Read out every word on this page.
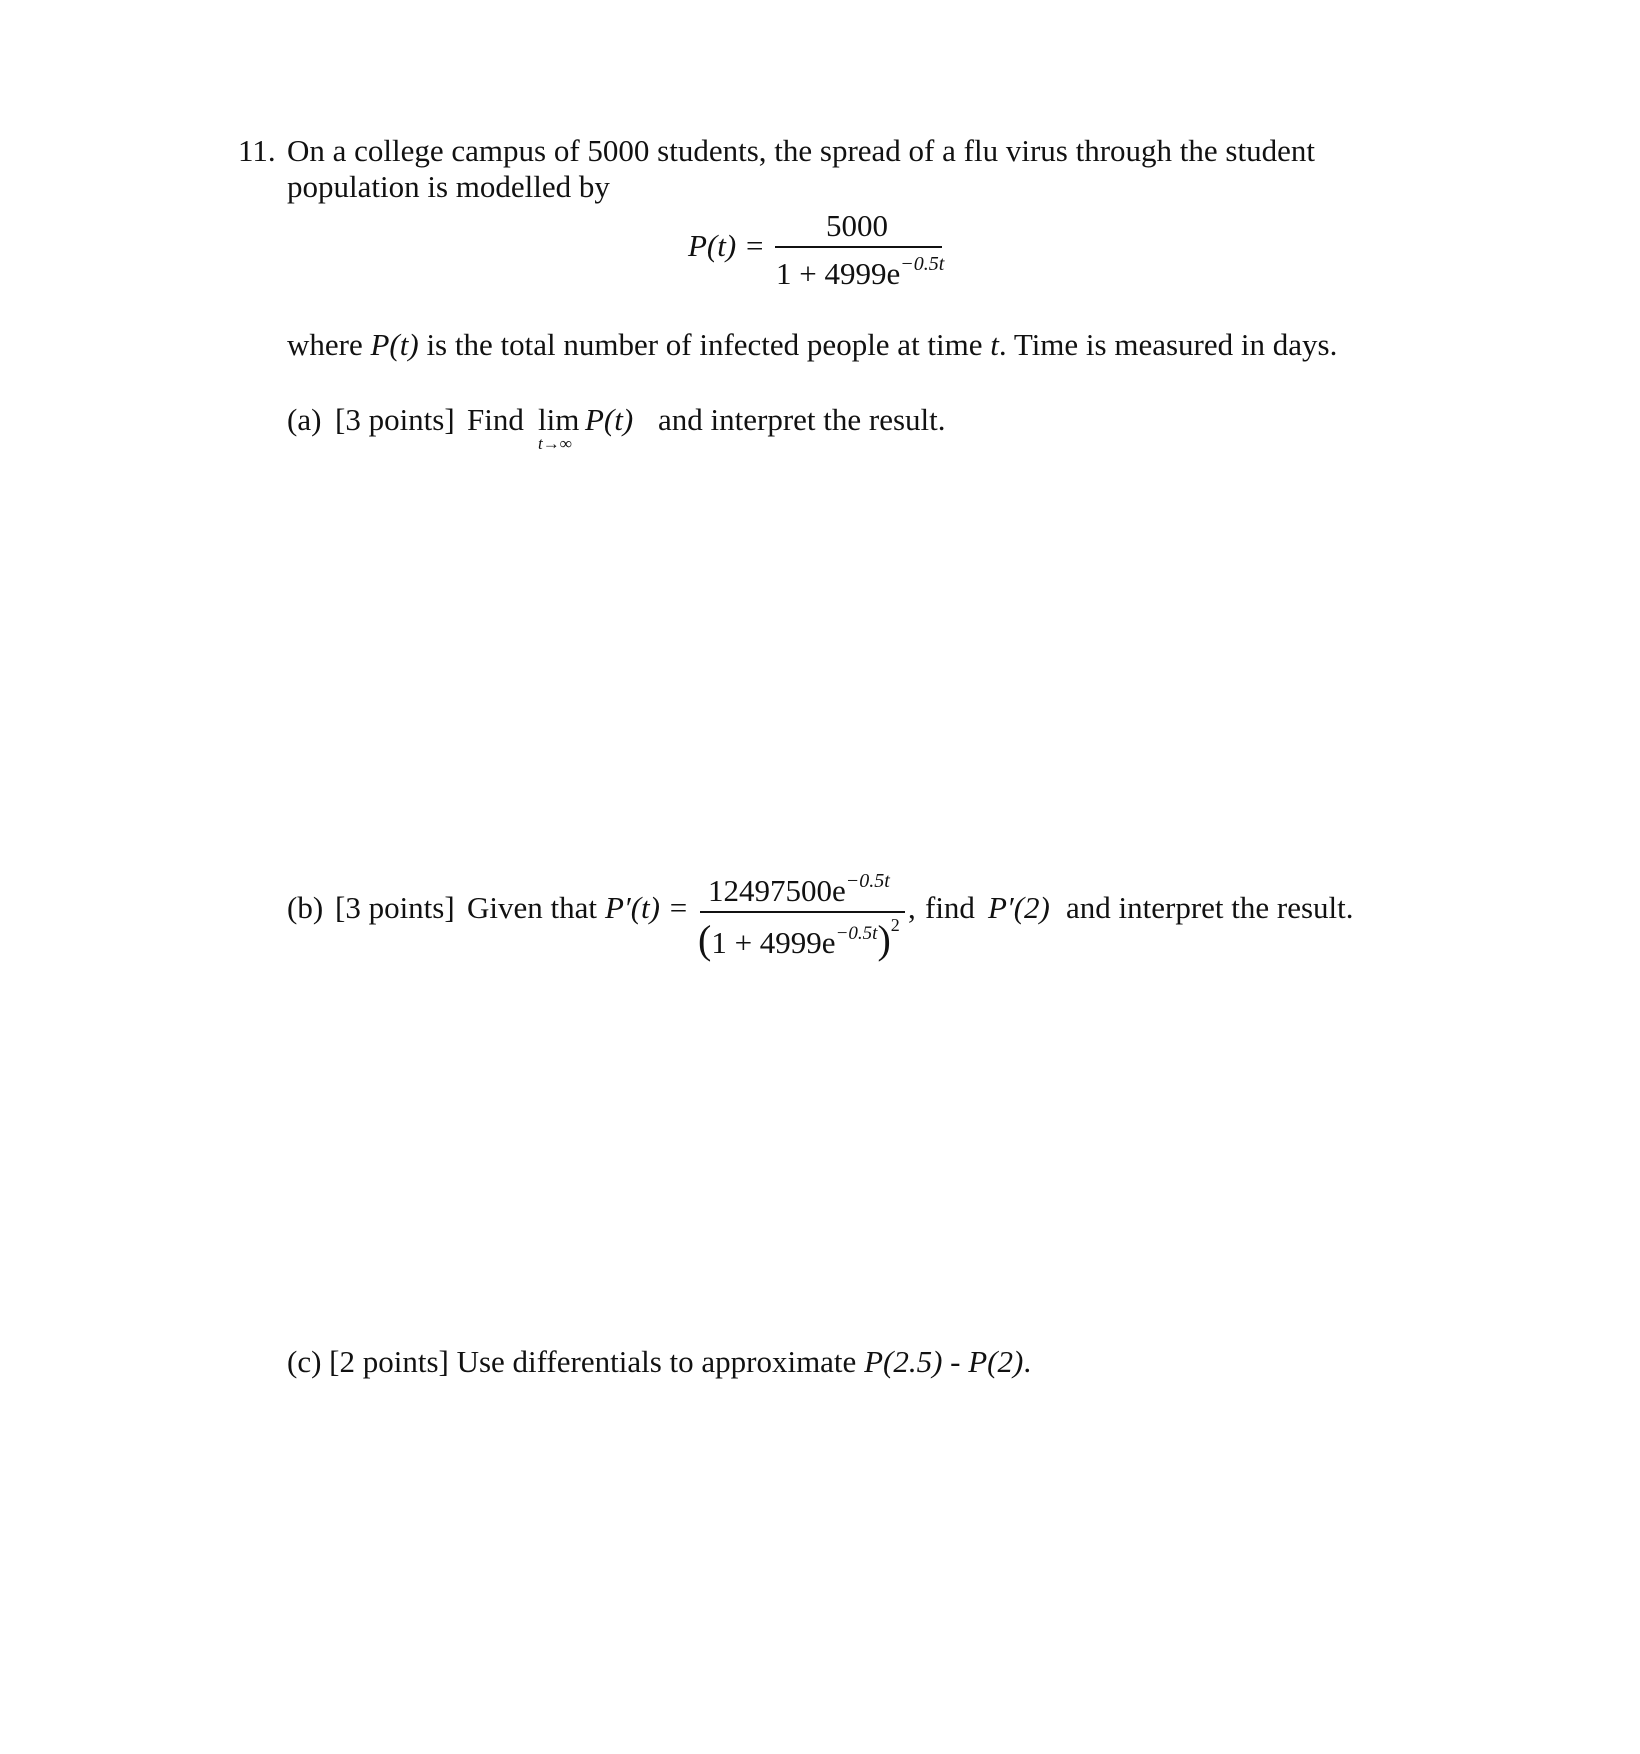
11. On a college campus of 5000 students, the spread of a flu virus through the student
population is modelled by
P(t) =
5000
$1 + 4999e^{-0.5t}$
where P(t) is the total number of infected people at time t. Time is measured in days.
(a) [3 points] Find lim
t→∞
P(t) and interpret the result.
(b) [3 points] Given that $P'(t) = 12497500e^{-0.5t}$
$(1 + 4999e^{-0.5t})^2$ , find P′(2) and interpret the result.
(c) [2 points] Use differentials to approximate P(2.5) - P(2).
